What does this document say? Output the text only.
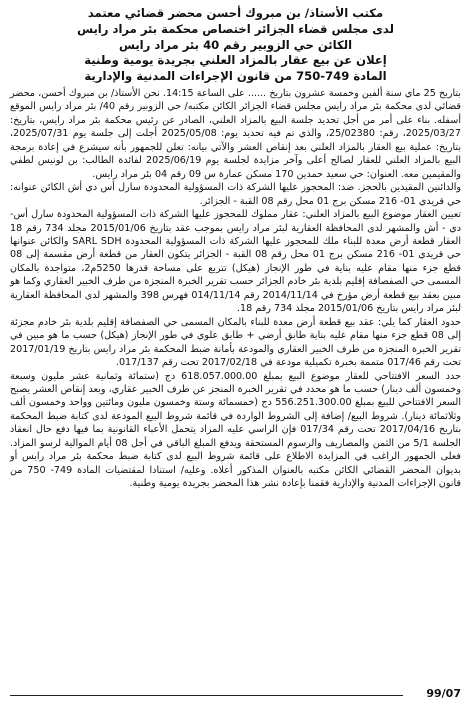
مكتب الأستاذ/ بن مبروك أحسن محضر قضائي معتمد
لدى مجلس قضاء الجزائر اختصاص محكمة بئر مراد رايس
الكائن حي الزوبير رقم 40 بئر مراد رايس
إعلان عن بيع عقار بالمزاد العلني بجريدة يومية وطنية
المادة 749-750 من قانون الإجراءات المدنية والإدارية

بتاريخ 25 ماي سنة ألفين وخمسة عشرون بتاريخ ...... على الساعة 14:15. نحن الأستاذ/ بن مبروك أحسن، محضر قضائي لدى محكمة بئر مراد رايس مجلس قضاء الجزائر الكائن مكتبه/ حي الزوبير رقم 40/ بئر مراد رايس الموقع أسفله. بناء على أمر من أجل تحديد جلسة البيع بالمزاد العلني، الصادر عن رئيس محكمة بئر مراد رايس، بتاريخ: 2025/03/27، رقم: 25/02380، والذي تم فيه تحديد يوم: 2025/05/08 أجلت إلى جلسة يوم 2025/07/31، بتاريخ: عملية بيع العقار بالمزاد العلني بعد إنقاص العشر والآتي بيانه: تعلن للجمهور بأنه سيشرع في إعادة برمجة البيع بالمزاد العلني للعقار لصالح أعلى وآخر مزايدة لجلسة يوم 2025/06/19 لفائدة الطالب: بن لونيس لطفي والمقيمين معه. العنوان: حي سعيد حمدين 170 مسكن عمارة س 09 رقم 04 بئر مراد رايس.

والدائنين المقيدين بالحجز. ضد: المحجوز عليها الشركة ذات المسؤولية المحدودة سارل أس دي أش الكائن عنوانه: حي قريدي 01- 216 مسكن برج 01 محل رقم 08 القبة - الجزائر.

تعيين العقار موضوع البيع بالمزاد العلني: عقار مملوك للمحجوز عليها الشركة ذات المسؤولية المحدودة سارل أس- دي - أش والمشهر لدى المحافظة العقارية لبئر مراد رايس بموجب عقد بتاريخ 2015/01/06 مجلد 734 رقم 18 العقار قطعة أرض معدة للبناء ملك للمحجوز عليها الشركة ذات المسؤولية المحدودة SARL SDH والكائن عنوانها حي قريدي 01- 216 مسكن برج 01 محل رقم 08 القبة - الجزائر يتكون العقار من قطعة أرض مقسمة إلى 08 قطع جزء منها مقام عليه بناية في طور الإنجاز (هيكل) تتربع على مساحة قدرها 5250م2، متواجدة بالمكان المسمى حي الصفصافة إقليم بلدية بئر خادم الجزائر حسب تقرير الخبرة المنجزة من طرف الخبير العقاري وكما هو مبين بعقد بيع قطعة أرض مؤرخ في 2014/11/14 رقم 014/11/14 فهرس 398 والمشهر لدى المحافظة العقارية لبئر مراد رايس بتاريخ 2015/01/06 مجلد 734 رقم 18.

حدود العقار كما يلي: عقد بيع قطعة أرض معدة للبناء بالمكان المسمى حي الصفصافة إقليم بلدية بئر خادم مجزئة إلى 08 قطع جزء منها مقام عليه بناية طابق أرضي + طابق علوي في طور الإنجاز (هيكل) حسب ما هو مبين في تقرير الخبرة المنجزة من طرف الخبير العقاري والمودعة بأمانة ضبط المحكمة بئر مراد رايس بتاريخ 2017/01/19 تحت رقم 017/46 متممة بخبرة تكميلية مودعة في 2017/02/18 تحت رقم 017/137.

حدد السعر الافتتاحي للعقار موضوع البيع بمبلغ 618.057.000.00 دج (ستمائة وثمانية عشر مليون وسبعة وخمسون ألف دينار) حسب ما هو محدد في تقرير الخبرة المنجز عن طرف الخبير عقاري، وبعد إنقاص العشر يصبح السعر الافتتاحي للبيع بمبلغ 556.251.300.00 دج (خمسمائة وستة وخمسون مليون ومائتين وواحد وخمسون ألف وثلاثمائة دينار). شروط البيع/ إضافة إلى الشروط الواردة في قائمة شروط البيع المودعة لدى كتابة ضبط المحكمة بتاريخ 2017/04/16 تحت رقم 017/34 فإن الراسي عليه المزاد يتحمل الأعباء القانونية بما فيها دفع حال انعقاد الجلسة 5/1 من الثمن والمصاريف والرسوم المستحقة ويدفع المبلغ الباقي في أجل 08 أيام الموالية لرسو المزاد. فعلى الجمهور الراغب في المزايدة الاطلاع على قائمة شروط البيع لدى كتابة ضبط محكمة بئر مراد رايس أو بديوان المحضر القضائي الكائن مكتبه بالعنوان المذكور أعلاه. وعليه/ استنادا لمقتضيات المادة 749- 750 من قانون الإجراءات المدنية والإدارية فقمنا بإعادة نشر هذا المحضر بجريدة يومية وطنية.

99/07
